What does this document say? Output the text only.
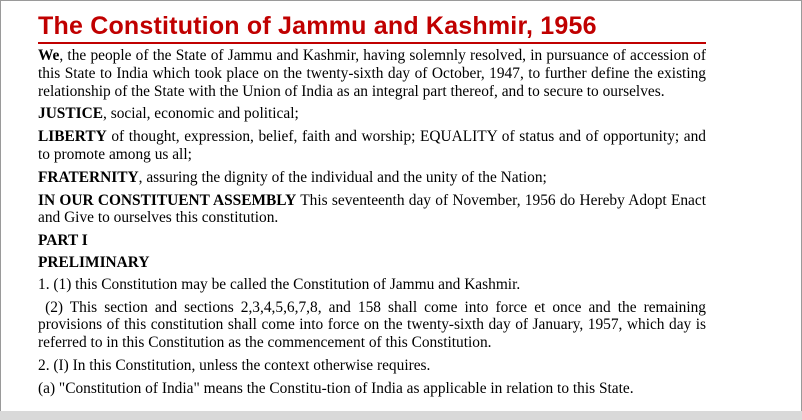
The Constitution of Jammu and Kashmir, 1956

We, the people of the State of Jammu and Kashmir, having solemnly resolved, in pursuance of accession of this State to India which took place on the twenty-sixth day of October, 1947, to further define the existing relationship of the State with the Union of India as an integral part thereof, and to secure to ourselves.

JUSTICE, social, economic and political;

LIBERTY of thought, expression, belief, faith and worship; EQUALITY of status and of opportunity; and to promote among us all;

FRATERNITY, assuring the dignity of the individual and the unity of the Nation;

IN OUR CONSTITUENT ASSEMBLY This seventeenth day of November, 1956 do Hereby Adopt Enact and Give to ourselves this constitution.

PART I

PRELIMINARY

1. (1) this Constitution may be called the Constitution of Jammu and Kashmir.

(2) This section and sections 2,3,4,5,6,7,8, and 158 shall come into force et once and the remaining provisions of this constitution shall come into force on the twenty-sixth day of January, 1957, which day is referred to in this Constitution as the commencement of this Constitution.

2. (I) In this Constitution, unless the context otherwise requires.

(a) "Constitution of India" means the Constitu-tion of India as applicable in relation to this State.
